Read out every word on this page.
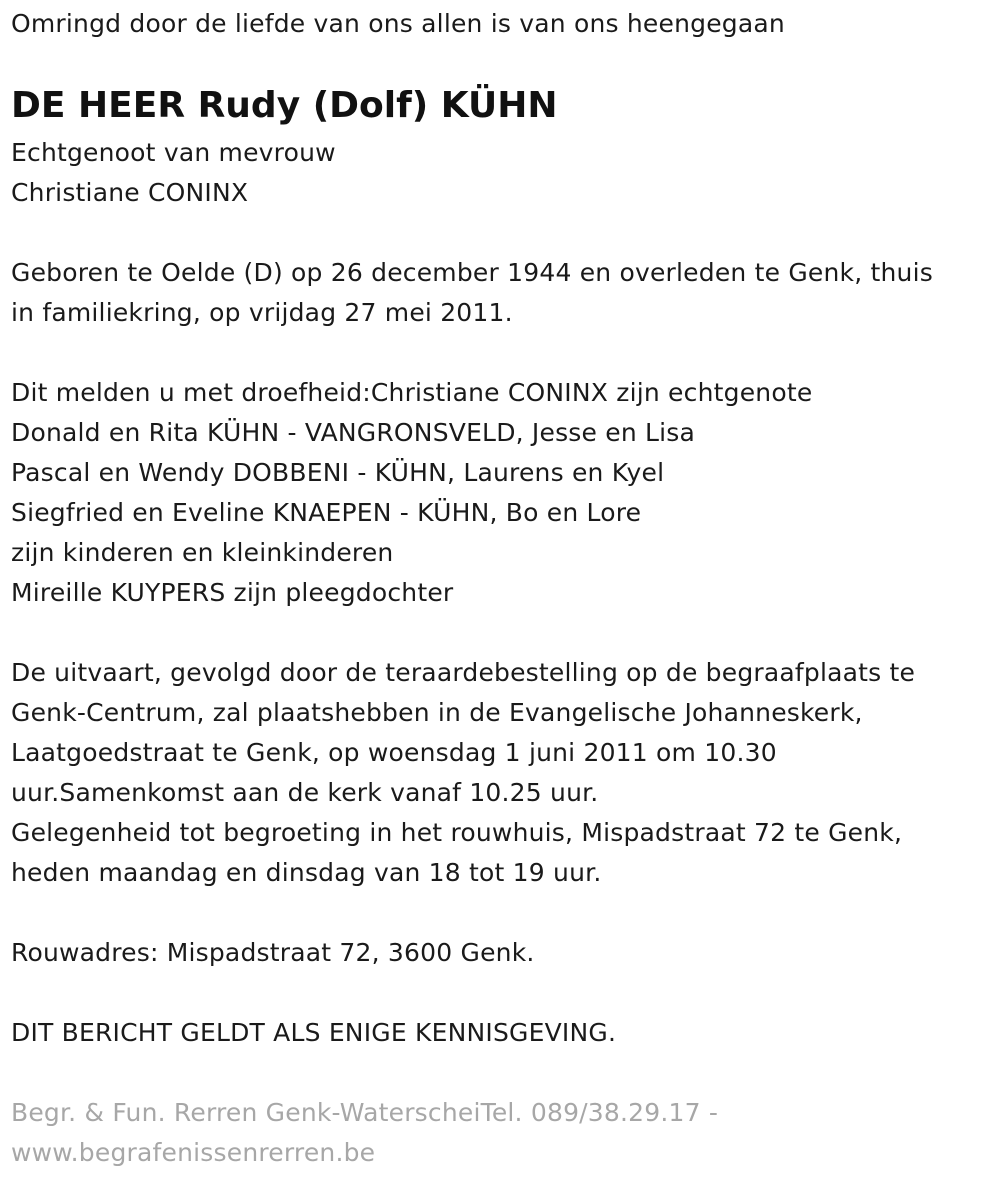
Omringd door de liefde van ons allen is van ons heengegaan
DE HEER Rudy (Dolf) KÜHN
Echtgenoot van mevrouw
Christiane CONINX
Geboren te Oelde (D) op 26 december 1944 en overleden te Genk, thuis
in familiekring, op vrijdag 27 mei 2011.
Dit melden u met droefheid:Christiane CONINX zijn echtgenote
Donald en Rita KÜHN - VANGRONSVELD, Jesse en Lisa
Pascal en Wendy DOBBENI - KÜHN, Laurens en Kyel
Siegfried en Eveline KNAEPEN - KÜHN, Bo en Lore
zijn kinderen en kleinkinderen
Mireille KUYPERS zijn pleegdochter
De uitvaart, gevolgd door de teraardebestelling op de begraafplaats te
Genk-Centrum, zal plaatshebben in de Evangelische Johanneskerk,
Laatgoedstraat te Genk, op woensdag 1 juni 2011 om 10.30
uur.Samenkomst aan de kerk vanaf 10.25 uur.
Gelegenheid tot begroeting in het rouwhuis, Mispadstraat 72 te Genk,
heden maandag en dinsdag van 18 tot 19 uur.
Rouwadres: Mispadstraat 72, 3600 Genk.
DIT BERICHT GELDT ALS ENIGE KENNISGEVING.
Begr. & Fun. Rerren Genk-WaterscheiTel. 089/38.29.17 -
www.begrafenissenrerren.be
